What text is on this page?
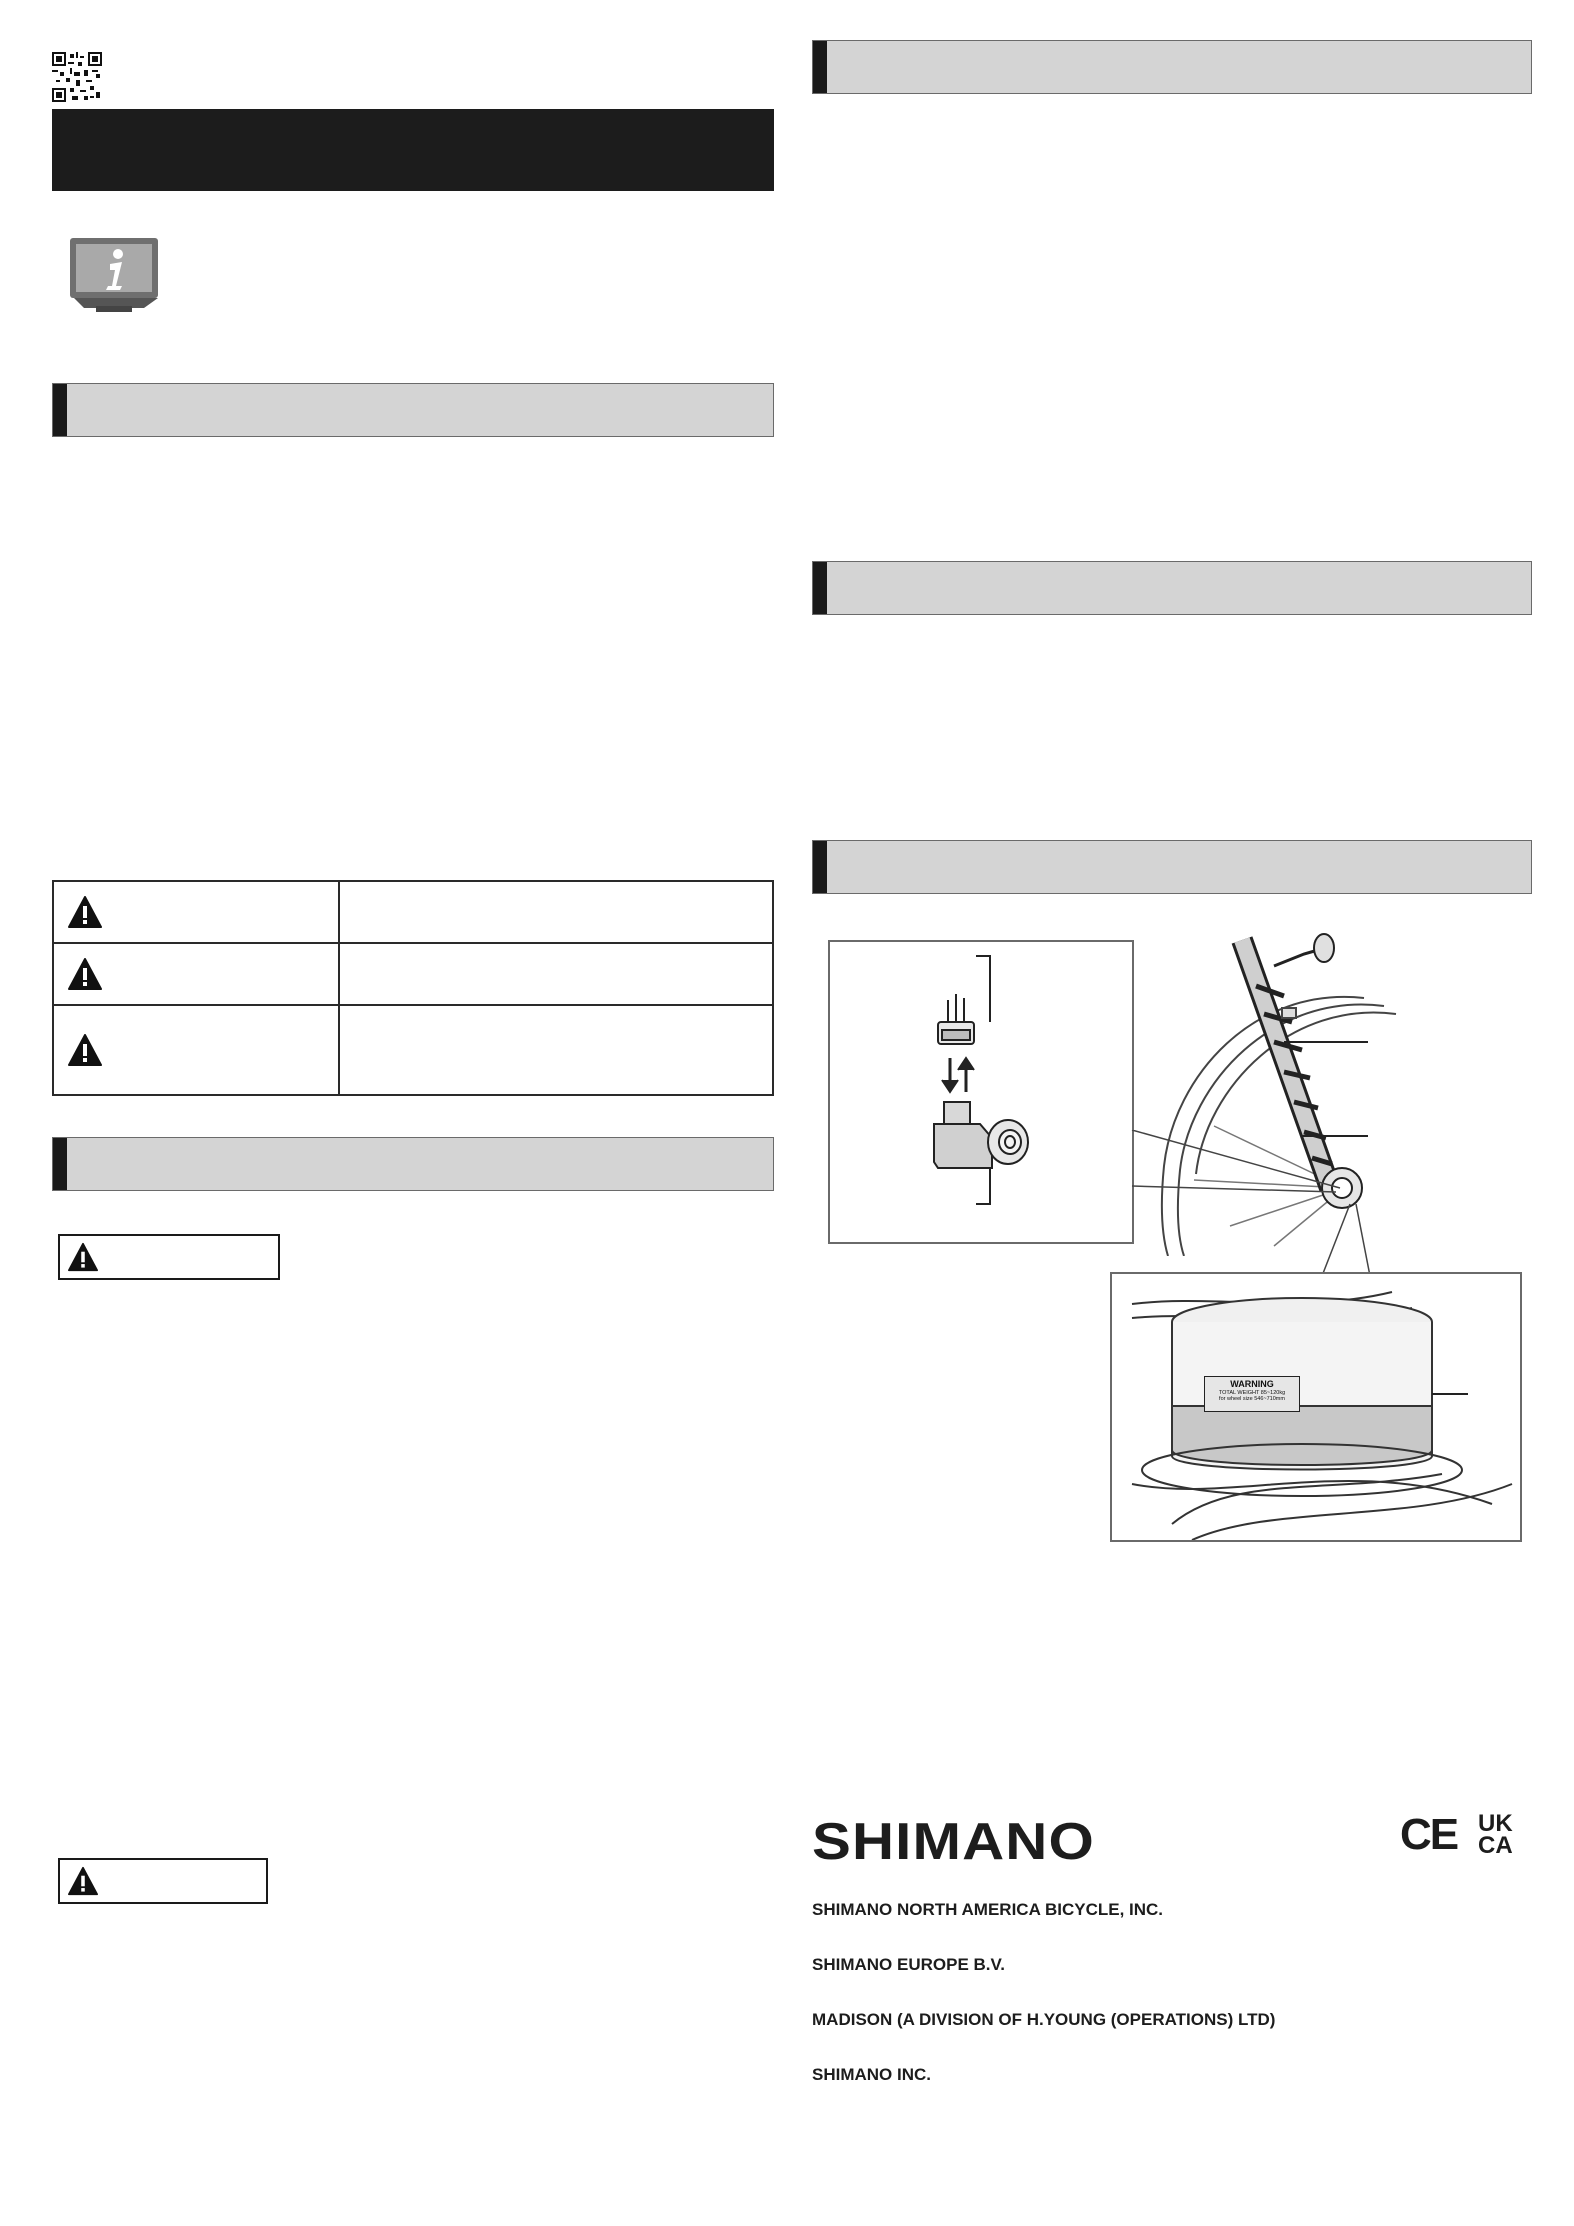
WARNING
TOTAL WEIGHT 85~120kg
for wheel size 546~710mm
SHIMANO	CE UK
CA
SHIMANO NORTH AMERICA BICYCLE, INC.
SHIMANO EUROPE B.V.
MADISON (A DIVISION OF H.YOUNG (OPERATIONS) LTD)
SHIMANO INC.
